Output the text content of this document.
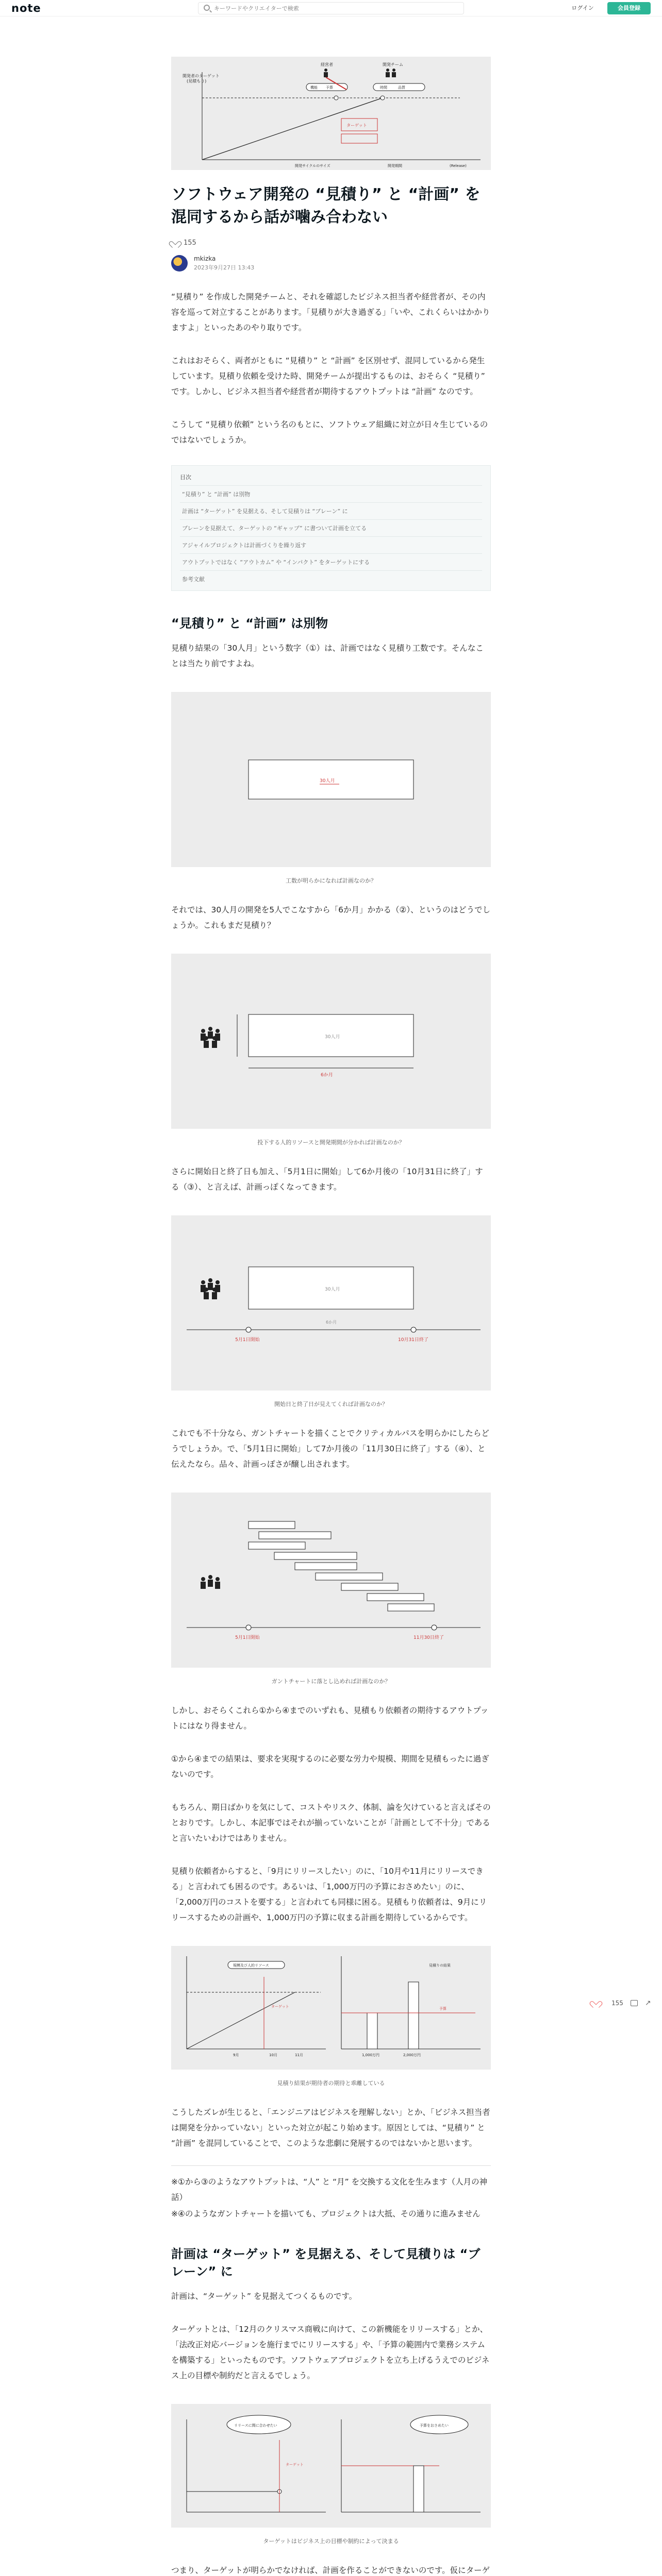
note
キーワードやクリエイターで検索	ログイン	会員登録
開発者のターゲット
(見積もり)
経営者	開発チーム
機能 予算	時間	品質
開発サイクルのサイズ	開発期間
ターゲット
(Release)
ソフトウェア開発の “見積り” と “計画” を混同するから話が噛み合わない
155
mkizka
2023年9月27日 13:43

“見積り” を作成した開発チームと、それを確認したビジネス担当者や経営者が、その内容を巡って対立することがあります。「見積りが大き過ぎる」「いや、これくらいはかかりますよ」といったあのやり取りです。

これはおそらく、両者がともに “見積り” と “計画” を区別せず、混同しているから発生しています。見積り依頼を受けた時、開発チームが提出するものは、おそらく “見積り” です。しかし、ビジネス担当者や経営者が期待するアウトプットは “計画” なのです。

こうして “見積り依頼” という名のもとに、ソフトウェア組織に対立が日々生じているのではないでしょうか。

目次
“見積り” と “計画” は別物
計画は “ターゲット” を見据える、そして見積りは “ブレーン” に
ブレーンを見据えて、ターゲットの “ギャップ” に書ついて計画を立てる
アジャイルプロジェクトは計画づくりを繰り返す
アウトプットではなく “アウトカム” や “インパクト” をターゲットにする
参考文献
“見積り” と “計画” は別物

見積り結果の「30人月」という数字（①）は、計画ではなく見積り工数です。そんなことは当たり前ですよね。

30人月
工数が明らかになれば計画なのか？

それでは、30人月の開発を5人でこなすから「6か月」かかる（②）、というのはどうでしょうか。これもまだ見積り？

30人月
6か月
投下する人的リソースと開発期間が分かれば計画なのか？

さらに開始日と終了日も加え、「5月1日に開始」して6か月後の「10月31日に終了」する（③）、と言えば、計画っぽくなってきます。

30人月
6か月
5月1日開始	10月31日終了
開始日と終了日が見えてくれば計画なのか？

これでも不十分なら、ガントチャートを描くことでクリティカルパスを明らかにしたらどうでしょうか。で、「5月1日に開始」して7か月後の「11月30日に終了」する（④）、と伝えたなら。品々、計画っぽさが醸し出されます。

5月1日開始	11月30日終了
ガントチャートに落とし込めれば計画なのか？

しかし、おそらくこれら①から④までのいずれも、見積もり依頼者の期待するアウトプットにはなり得ません。

①から④までの結果は、要求を実現するのに必要な労力や規模、期間を見積もったに過ぎないのです。

もちろん、期日ばかりを気にして、コストやリスク、体制、論を欠けていると言えばそのとおりです。しかし、本記事ではそれが揃っていないことが「計画として不十分」であると言いたいわけではありません。

見積り依頼者からすると、「9月にリリースしたい」のに、「10月や11月にリリースできる」と言われても困るのです。あるいは、「1,000万円の予算におさめたい」のに、「2,000万円のコストを要する」と言われても同様に困る。見積もり依頼者は、9月にリリースするための計画や、1,000万円の予算に収まる計画を期待しているからです。

規模及び人的リソース
ターゲット
9月	10月	11月
予算
1,000万円	2,000万円
見積りの結果
見積り結果が期待者の期待と乖離している

こうしたズレが生じると、「エンジニアはビジネスを理解しない」とか、「ビジネス担当者は開発を分かっていない」といった対立が起こり始めます。原因としては、“見積り” と “計画” を混同していることで、このような悲劇に発展するのではないかと思います。

※①から③のようなアウトプットは、“人” と “月” を交換する文化を生みます（人月の神話）

※④のようなガントチャートを描いても、プロジェクトは大抵、その通りに進みません

計画は “ターゲット” を見据える、そして見積りは “ブレーン” に

計画は、“ターゲット” を見据えてつくるものです。

ターゲットとは、「12月のクリスマス商戦に向けて、この新機能をリリースする」とか、「法改正対応バージョンを施行までにリリースする」や、「予算の範囲内で業務システムを構築する」といったものです。ソフトウェアプロジェクトを立ち上げるうえでのビジネス上の目標や制約だと言えるでしょう。

リリースに間に合わせたい
ターゲット
予算をおさめたい
ターゲットはビジネス上の目標や制約によって決まる

つまり、ターゲットが明らかでなければ、計画を作ることができないのです。仮にターゲ

155	↗
